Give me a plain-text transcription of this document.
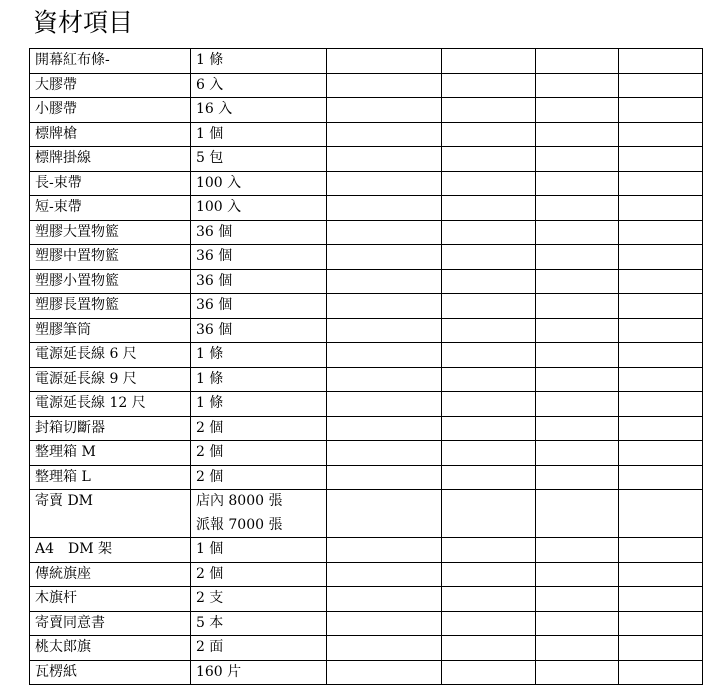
資材項目
開幕紅布條-	1 條				

大膠帶	6 入				

小膠帶	16 入				

標牌槍	1 個				

標牌掛線	5 包				

長-束帶	100 入				

短-束帶	100 入				

塑膠大置物籃	36 個				

塑膠中置物籃	36 個				

塑膠小置物籃	36 個				

塑膠長置物籃	36 個				

塑膠筆筒	36 個				

電源延長線 6 尺	1 條				

電源延長線 9 尺	1 條				

電源延長線 12 尺	1 條				

封箱切斷器	2 個				

整理箱 M	2 個				

整理箱 L	2 個				

寄賣 DM	店內 8000 張
派報 7000 張				

A4　DM 架	1 個				

傳統旗座	2 個				

木旗杆	2 支				

寄賣同意書	5 本				

桃太郎旗	2 面				

瓦楞紙	160 片				
